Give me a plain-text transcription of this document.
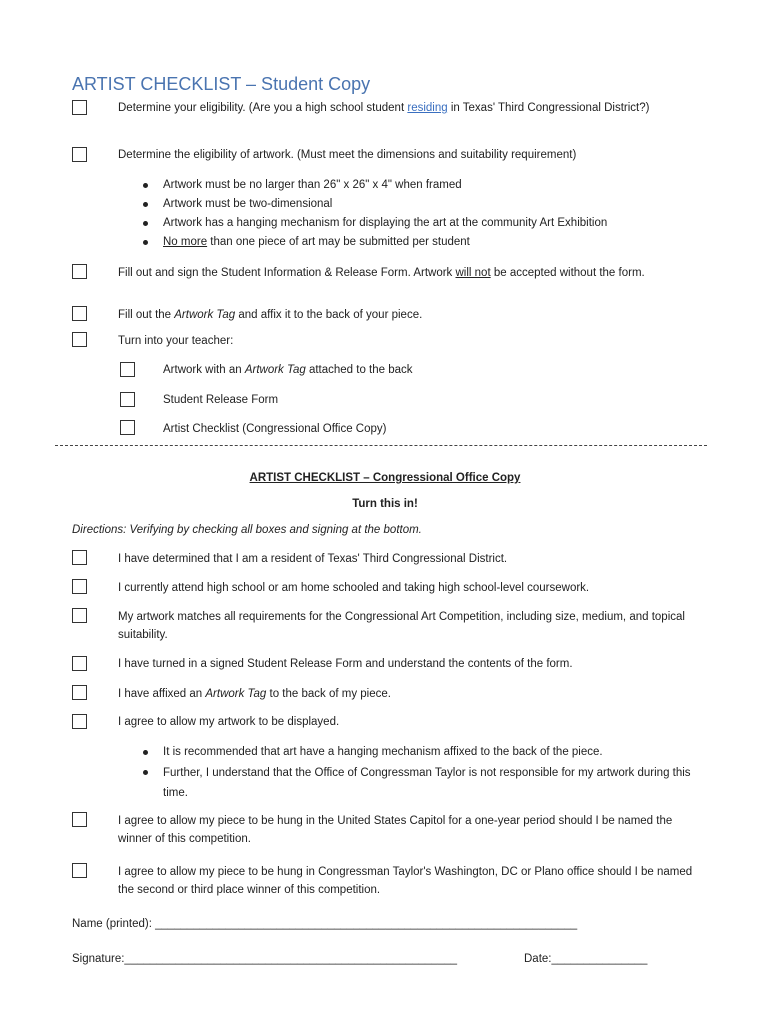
ARTIST CHECKLIST – Student Copy
Determine your eligibility. (Are you a high school student residing in Texas' Third Congressional District?)
Determine the eligibility of artwork. (Must meet the dimensions and suitability requirement)
Artwork must be no larger than 26" x 26" x 4" when framed
Artwork must be two-dimensional
Artwork has a hanging mechanism for displaying the art at the community Art Exhibition
No more than one piece of art may be submitted per student
Fill out and sign the Student Information & Release Form. Artwork will not be accepted without the form.
Fill out the Artwork Tag and affix it to the back of your piece.
Turn into your teacher:
Artwork with an Artwork Tag attached to the back
Student Release Form
Artist Checklist (Congressional Office Copy)
ARTIST CHECKLIST – Congressional Office Copy
Turn this in!
Directions: Verifying by checking all boxes and signing at the bottom.
I have determined that I am a resident of Texas' Third Congressional District.
I currently attend high school or am home schooled and taking high school-level coursework.
My artwork matches all requirements for the Congressional Art Competition, including size, medium, and topical suitability.
I have turned in a signed Student Release Form and understand the contents of the form.
I have affixed an Artwork Tag to the back of my piece.
I agree to allow my artwork to be displayed.
It is recommended that art have a hanging mechanism affixed to the back of the piece.
Further, I understand that the Office of Congressman Taylor is not responsible for my artwork during this time.
I agree to allow my piece to be hung in the United States Capitol for a one-year period should I be named the winner of this competition.
I agree to allow my piece to be hung in Congressman Taylor's Washington, DC or Plano office should I be named the second or third place winner of this competition.
Name (printed): __________________________________________________________________
Signature:____________________________________________________	Date:_______________
